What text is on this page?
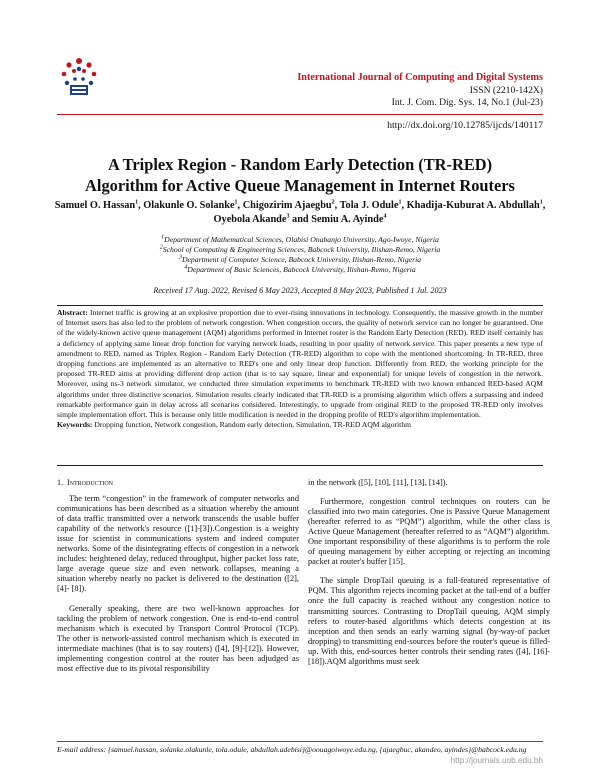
International Journal of Computing and Digital Systems
ISSN (2210-142X)
Int. J. Com. Dig. Sys. 14, No.1 (Jul-23)
http://dx.doi.org/10.12785/ijcds/140117
A Triplex Region - Random Early Detection (TR-RED)
Algorithm for Active Queue Management in Internet Routers
Samuel O. Hassan$^1$, Olakunle O. Solanke$^1$, Chigozirim Ajaegbu$^2$, Tola J. Odule$^1$, Khadija-Kuburat A. Abdullah$^1$, Oyebola Akande$^3$ and Semiu A. Ayinde$^4$
$^1$Department of Mathematical Sciences, Olabisi Onabanjo University, Ago-Iwoye, Nigeria
$^2$School of Computing & Engineering Sciences, Babcock University, Ilishan-Remo, Nigeria
$^3$Department of Computer Science, Babcock University, Ilishan-Remo, Nigeria
$^4$Department of Basic Sciences, Babcock University, Ilishan-Remo, Nigeria
Received 17 Aug. 2022, Revised 6 May 2023, Accepted 8 May 2023, Published 1 Jul. 2023
Abstract: Internet traffic is growing at an explosive proportion due to ever-rising innovations in technology. Consequently, the massive growth in the number of Internet users has also led to the problem of network congestion. When congestion occurs, the quality of network service can no longer be guaranteed. One of the widely-known active queue management (AQM) algorithms performed in Internet router is the Random Early Detection (RED). RED itself certainly has a deficiency of applying same linear drop function for varying network loads, resulting in poor quality of network service. This paper presents a new type of amendment to RED, named as Triplex Region - Random Early Detection (TR-RED) algorithm to cope with the mentioned shortcoming. In TR-RED, three dropping functions are implemented as an alternative to RED's one and only linear drop function. Differently from RED, the working principle for the proposed TR-RED aims at providing different drop action (that is to say square, linear and exponential) for unique levels of congestion in the network. Moreover, using ns-3 network simulator, we conducted three simulation experiments to benchmark TR-RED with two known enhanced RED-based AQM algorithms under three distinctive scenarios. Simulation results clearly indicated that TR-RED is a promising algorithm which offers a surpassing and indeed remarkable performance gain in delay across all scenarios considered. Interestingly, to upgrade from original RED to the proposed TR-RED only involves simple implementation effort. This is because only little modification is needed in the dropping profile of RED's algorithm implementation.
Keywords: Dropping function, Network congestion, Random early detection, Simulation, TR-RED AQM algorithm
1. Introduction

The term “congestion” in the framework of computer networks and communications has been described as a situation whereby the amount of data traffic transmitted over a network transcends the usable buffer capability of the network's resource ([1]-[3]).Congestion is a weighty issue for scientist in communications system and indeed computer networks. Some of the disintegrating effects of congestion in a network includes: heightened delay, reduced throughput, higher packet loss rate, large average queue size and even network collapses, meaning a situation whereby nearly no packet is delivered to the destination ([2], [4]- [8]).

Generally speaking, there are two well-known approaches for tackling the problem of network congestion. One is end-to-end control mechanism which is executed by Transport Control Protocol (TCP). The other is network-assisted control mechanism which is executed in intermediate machines (that is to say routers) ([4], [9]-[12]). However, implementing congestion control at the router has been adjudged as most effective due to its pivotal responsibility

in the network ([5], [10], [11], [13], [14]).

Furthermore, congestion control techniques on routers can be classified into two main categories. One is Passive Queue Management (hereafter referred to as “PQM”) algorithm, while the other class is Active Queue Management (hereafter referred to as “AQM”) algorithm. One important responsibility of these algorithms is to perform the role of queuing management by either accepting or rejecting an incoming packet at router's buffer [15].

The simple DropTail queuing is a full-featured representative of PQM. This algorithm rejects incoming packet at the tail-end of a buffer once the full capacity is reached without any congestion notice to transmitting sources. Contrasting to DropTail queuing, AQM simply refers to router-based algorithms which detects congestion at its inception and then sends an early warning signal (by-way-of packet dropping) to transmitting end-sources before the router's queue is filled-up. With this, end-sources better controls their sending rates ([4], [16]-[18]).AQM algorithms must seek

E-mail address: {samuel.hassan, solanke.olakunle, tola.odule, abdullah.adebisi}@oouagoiwoye.edu.ng, {ajaegbuc, akandeo, ayindes}@babcock.edu.ng
http://journals.uob.edu.bh
